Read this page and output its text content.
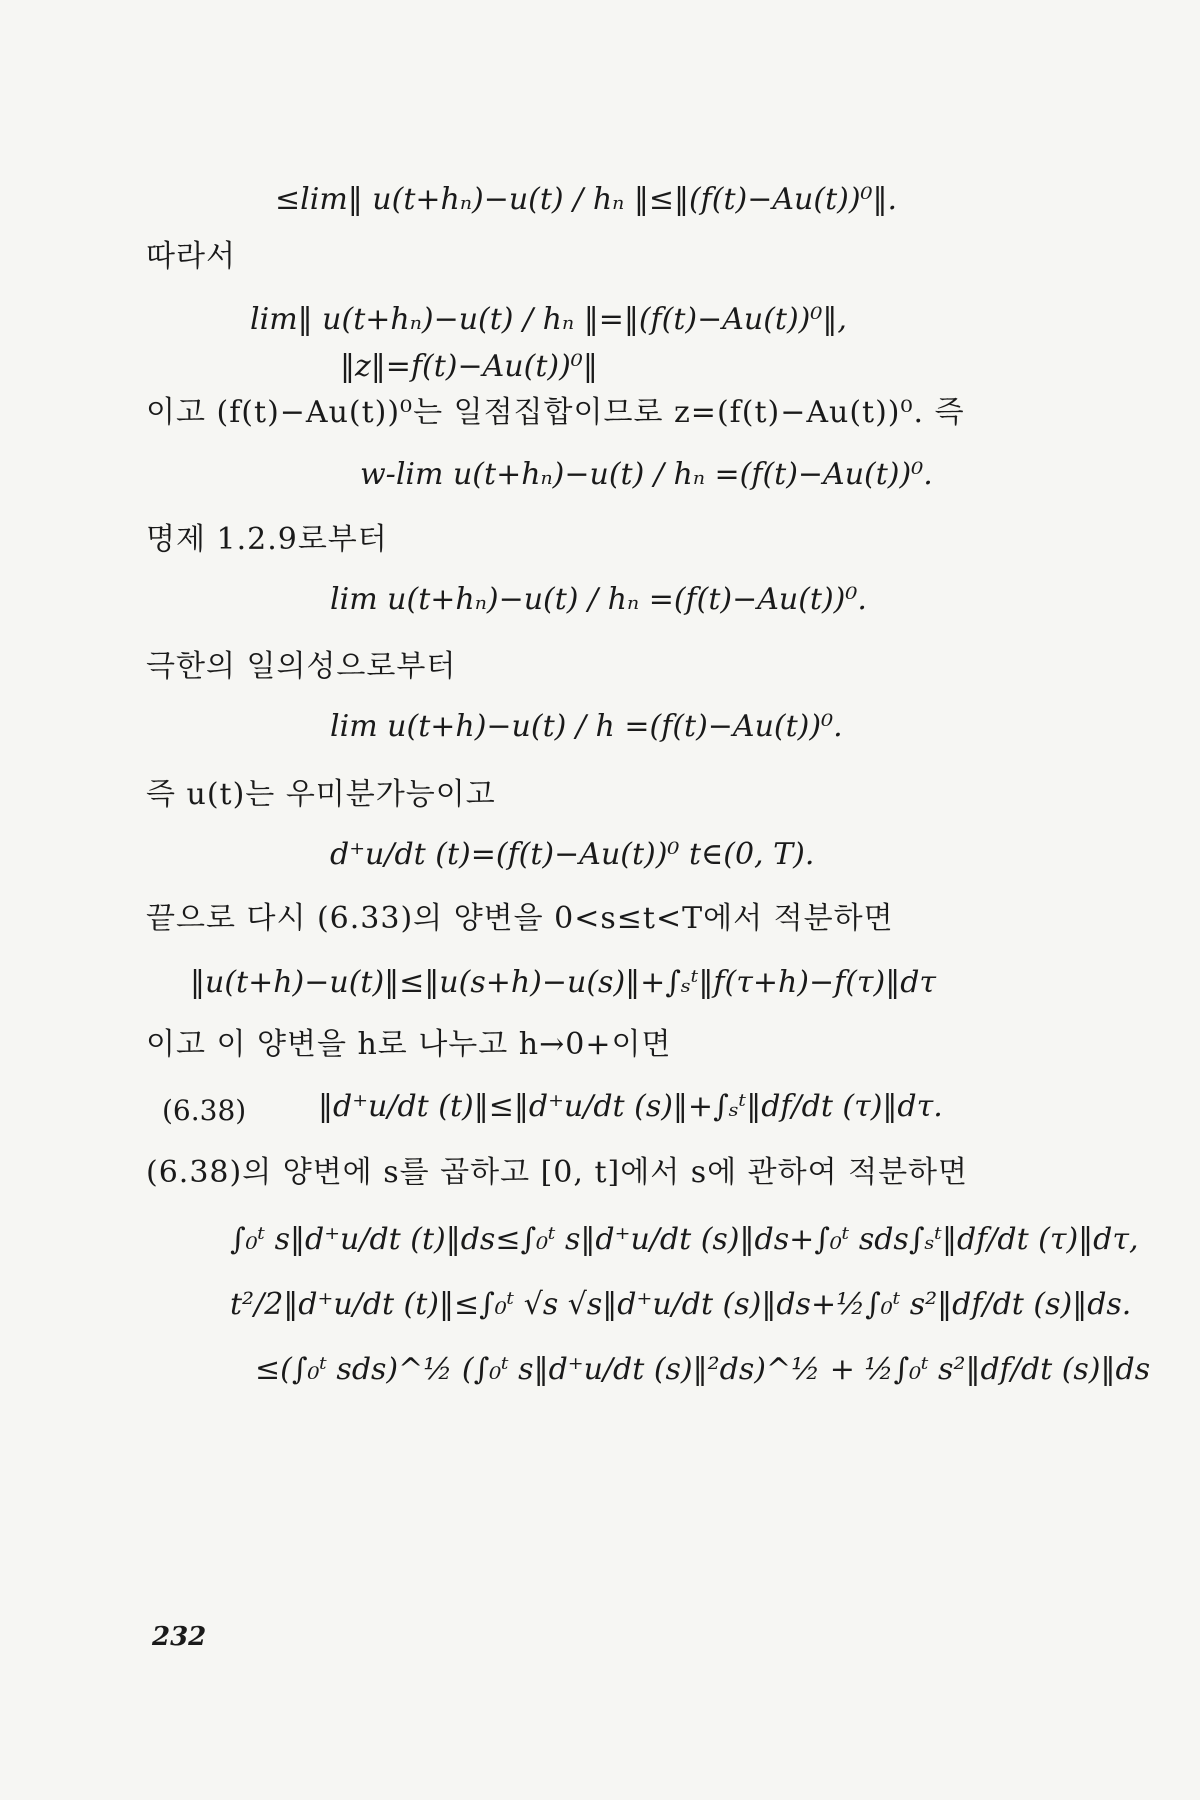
≤lim‖ u(t+hₙ)−u(t) / hₙ ‖≤‖(f(t)−Au(t))⁰‖.
따라서
lim‖ u(t+hₙ)−u(t) / hₙ ‖=‖(f(t)−Au(t))⁰‖,
‖z‖=f(t)−Au(t))⁰‖
이고 (f(t)−Au(t))⁰는 일점집합이므로 z=(f(t)−Au(t))⁰. 즉
w-lim u(t+hₙ)−u(t) / hₙ =(f(t)−Au(t))⁰.
명제 1.2.9로부터
lim u(t+hₙ)−u(t) / hₙ =(f(t)−Au(t))⁰.
극한의 일의성으로부터
lim u(t+h)−u(t) / h =(f(t)−Au(t))⁰.
즉 u(t)는 우미분가능이고
d⁺u/dt (t)=(f(t)−Au(t))⁰ t∈(0, T).
끝으로 다시 (6.33)의 양변을 0<s≤t<T에서 적분하면
‖u(t+h)−u(t)‖≤‖u(s+h)−u(s)‖+∫ₛᵗ‖f(τ+h)−f(τ)‖dτ
이고 이 양변을 h로 나누고 h→0+이면
(6.38) ‖d⁺u/dt (t)‖≤‖d⁺u/dt (s)‖+∫ₛᵗ‖df/dt (τ)‖dτ.
(6.38)의 양변에 s를 곱하고 [0, t]에서 s에 관하여 적분하면
∫₀ᵗ s‖d⁺u/dt (t)‖ds≤∫₀ᵗ s‖d⁺u/dt (s)‖ds+∫₀ᵗ sds∫ₛᵗ‖df/dt (τ)‖dτ,
t²/2‖d⁺u/dt (t)‖≤∫₀ᵗ √s √s‖d⁺u/dt (s)‖ds+½∫₀ᵗ s²‖df/dt (s)‖ds.
≤(∫₀ᵗ sds)^½ (∫₀ᵗ s‖d⁺u/dt (s)‖²ds)^½ + ½∫₀ᵗ s²‖df/dt (s)‖ds
232
